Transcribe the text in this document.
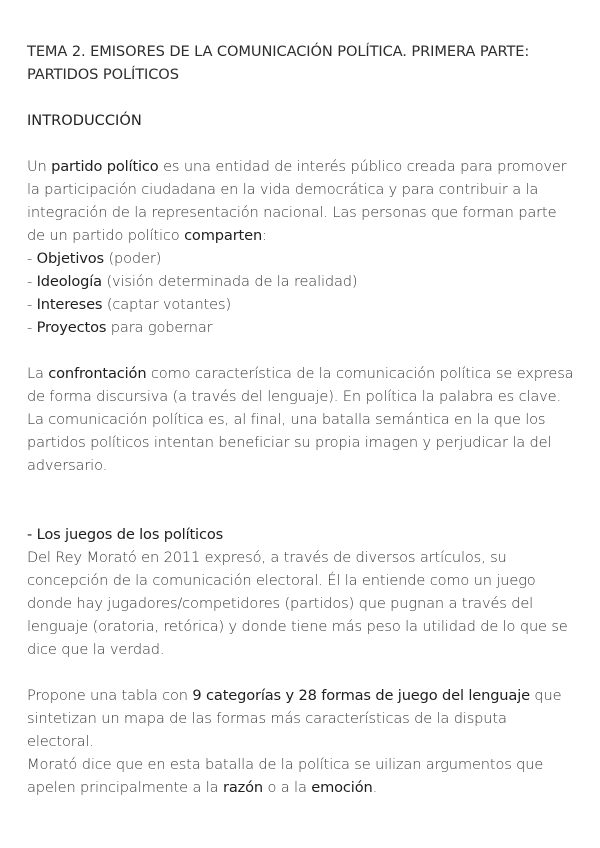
TEMA 2. EMISORES DE LA COMUNICACIÓN POLÍTICA. PRIMERA PARTE: PARTIDOS POLÍTICOS
INTRODUCCIÓN

Un partido político es una entidad de interés público creada para promover la participación ciudadana en la vida democrática y para contribuir a la integración de la representación nacional. Las personas que forman parte de un partido político comparten:

- Objetivos (poder)
- Ideología (visión determinada de la realidad)
- Intereses (captar votantes)
- Proyectos para gobernar

La confrontación como característica de la comunicación política se expresa de forma discursiva (a través del lenguaje). En política la palabra es clave. La comunicación política es, al final, una batalla semántica en la que los partidos políticos intentan beneficiar su propia imagen y perjudicar la del adversario.

- Los juegos de los políticos

Del Rey Morató en 2011 expresó, a través de diversos artículos, su concepción de la comunicación electoral. Él la entiende como un juego donde hay jugadores/competidores (partidos) que pugnan a través del lenguaje (oratoria, retórica) y donde tiene más peso la utilidad de lo que se dice que la verdad.

Propone una tabla con 9 categorías y 28 formas de juego del lenguaje que sintetizan un mapa de las formas más características de la disputa electoral.

Morató dice que en esta batalla de la política se uilizan argumentos que apelen principalmente a la razón o a la emoción.
